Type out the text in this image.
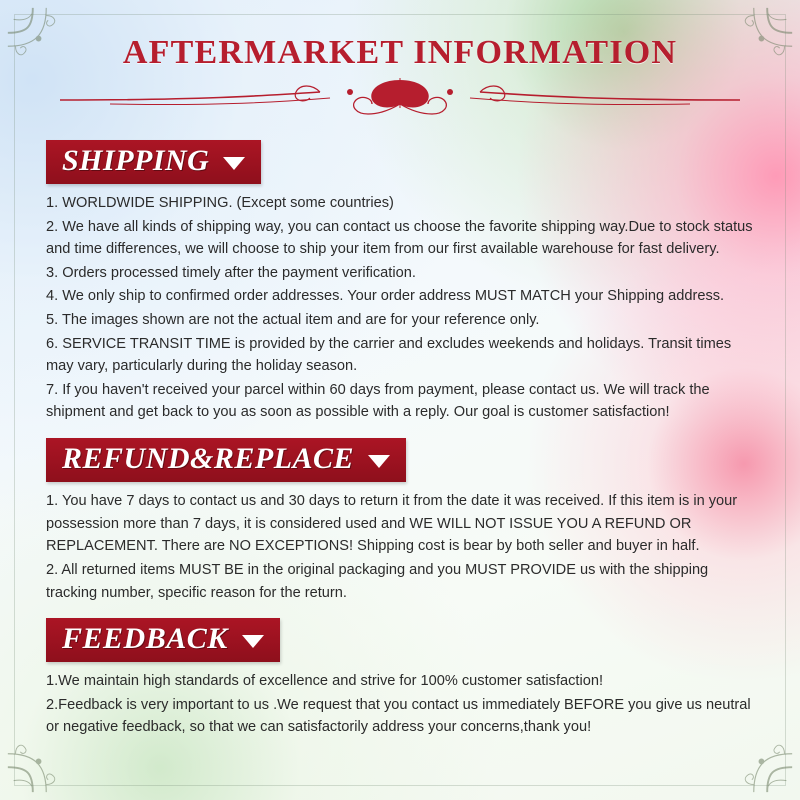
AFTERMARKET INFORMATION
SHIPPING

1. WORLDWIDE SHIPPING. (Except some countries)

2. We have all kinds of shipping way, you can contact us choose the favorite shipping way.Due to stock status and time differences, we will choose to ship your item from our first available warehouse for fast delivery.

3. Orders processed timely after the payment verification.

4. We only ship to confirmed order addresses. Your order address MUST MATCH your Shipping address.

5. The images shown are not the actual item and are for your reference only.

6. SERVICE TRANSIT TIME is provided by the carrier and excludes weekends and holidays. Transit times may vary, particularly during the holiday season.

7. If you haven't received your parcel within 60 days from payment, please contact us. We will track the shipment and get back to you as soon as possible with a reply. Our goal is customer satisfaction!

REFUND&REPLACE

1. You have 7 days to contact us and 30 days to return it from the date it was received. If this item is in your possession more than 7 days, it is considered used and WE WILL NOT ISSUE YOU A REFUND OR REPLACEMENT. There are NO EXCEPTIONS! Shipping cost is bear by both seller and buyer in half.

2. All returned items MUST BE in the original packaging and you MUST PROVIDE us with the shipping tracking number, specific reason for the return.

FEEDBACK

1.We maintain high standards of excellence and strive for 100% customer satisfaction!

2.Feedback is very important to us .We request that you contact us immediately BEFORE you give us neutral or negative feedback, so that we can satisfactorily address your concerns,thank you!
